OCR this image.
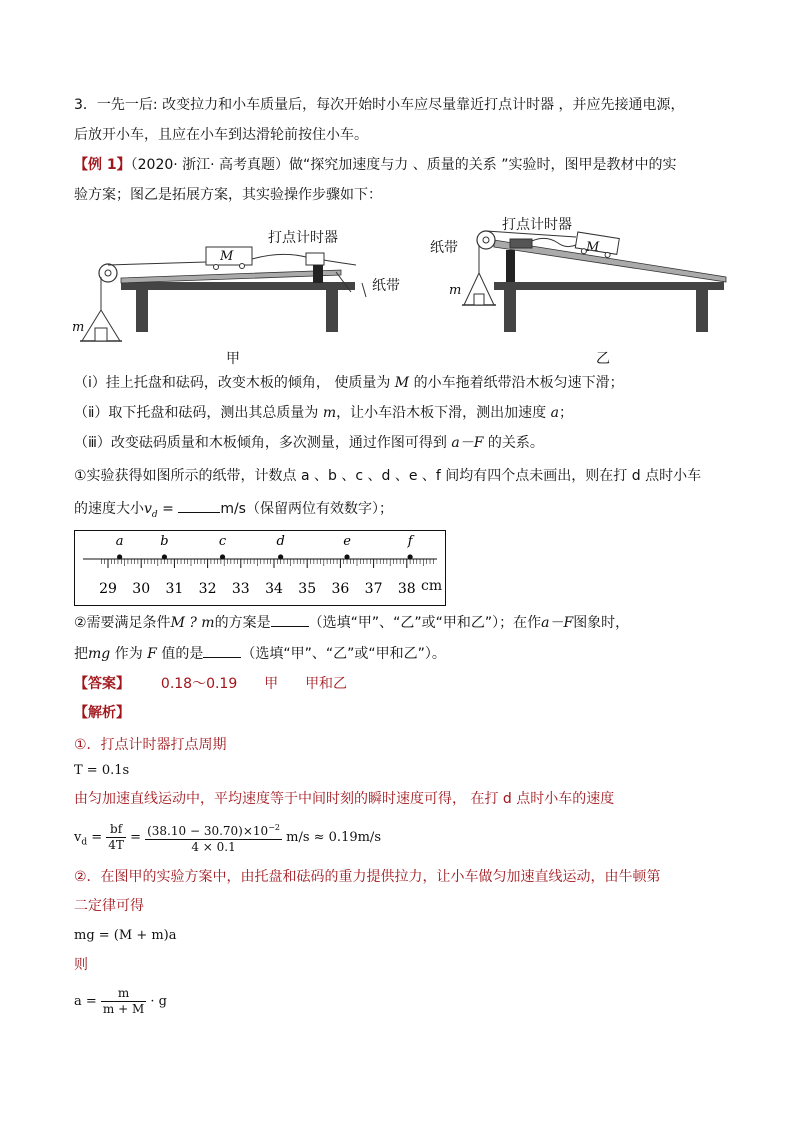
3．一先一后: 改变拉力和小车质量后，每次开始时小车应尽量靠近打点计时器 ，并应先接通电源，
后放开小车，且应在小车到达滑轮前按住小车。
【例 1】（2020· 浙江· 高考真题）做“探究加速度与力 、质量的关系 ”实验时，图甲是教材中的实
验方案；图乙是拓展方案，其实验操作步骤如下：
打点计时器
纸带
M
m
甲
打点计时器
纸带	M
m
乙
（ⅰ）挂上托盘和砝码，改变木板的倾角， 使质量为 M 的小车拖着纸带沿木板匀速下滑；
（ⅱ）取下托盘和砝码，测出其总质量为 m，让小车沿木板下滑，测出加速度 a；
（ⅲ）改变砝码质量和木板倾角，多次测量，通过作图可得到 a－F 的关系。
①实验获得如图所示的纸带，计数点 a 、b 、c 、d 、e 、f 间均有四个点未画出，则在打 d 点时小车
的速度大小$v_d$ =	m/s（保留两位有效数字）；
29 30 31 32 33 34 35 36 37 38
a	b	c	d	e	f
②需要满足条件M ? m的方案是	（选填“甲”、“乙”或“甲和乙”）；在作a－F图象时，
把mg 作为 F 值的是	（选填“甲”、“乙”或“甲和乙”）。
【答案】 0.18～0.19 甲 甲和乙
【解析】
①．打点计时器打点周期
T = 0.1s
由匀加速直线运动中，平均速度等于中间时刻的瞬时速度可得， 在打 d 点时小车的速度
$v_d = \frac{bf}{4T} = \frac{(38.10 - 30.70)\times 10^{-2}}{4 \times 0.1} m/s \approx 0.19m/s$
②．在图甲的实验方案中，由托盘和砝码的重力提供拉力，让小车做匀加速直线运动，由牛顿第
二定律可得
mg = (M + m)a
则
$a = \frac{m}{m + M} \cdot g$
cm
